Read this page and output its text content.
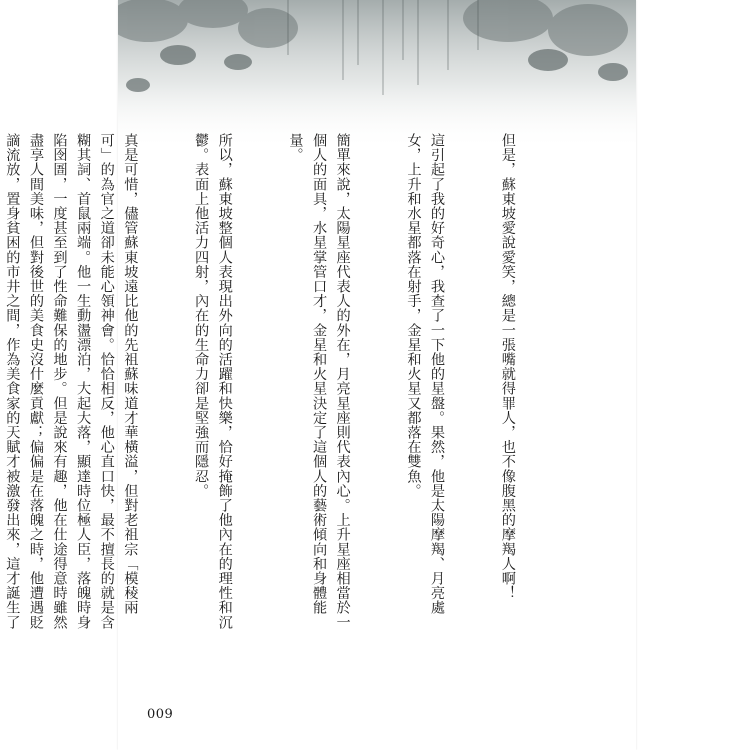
但是，蘇東坡愛說愛笑，總是一張嘴就得罪人，也不像腹黑的摩羯人啊！

這引起了我的好奇心，我查了一下他的星盤。果然，他是太陽摩羯、月亮處女，上升和水星都落在射手，金星和火星又都落在雙魚。

簡單來說，太陽星座代表人的外在，月亮星座則代表內心。上升星座相當於一個人的面具，水星掌管口才，金星和火星決定了這個人的藝術傾向和身體能量。

所以，蘇東坡整個人表現出外向的活躍和快樂，恰好掩飾了他內在的理性和沉鬱。表面上他活力四射，內在的生命力卻是堅強而隱忍。

真是可惜，儘管蘇東坡遠比他的先祖蘇味道才華橫溢，但對老祖宗「模稜兩可」的為官之道卻未能心領神會。恰恰相反，他心直口快，最不擅長的就是含糊其詞、首鼠兩端。他一生動盪漂泊，大起大落，顯達時位極人臣，落魄時身陷囹圄，一度甚至到了性命難保的地步。但是說來有趣，他在仕途得意時雖然盡享人間美味，但對後世的美食史沒什麼貢獻；偏偏是在落魄之時，他遭遇貶謫流放，置身貧困的市井之間，作為美食家的天賦才被激發出來，這才誕生了

009
